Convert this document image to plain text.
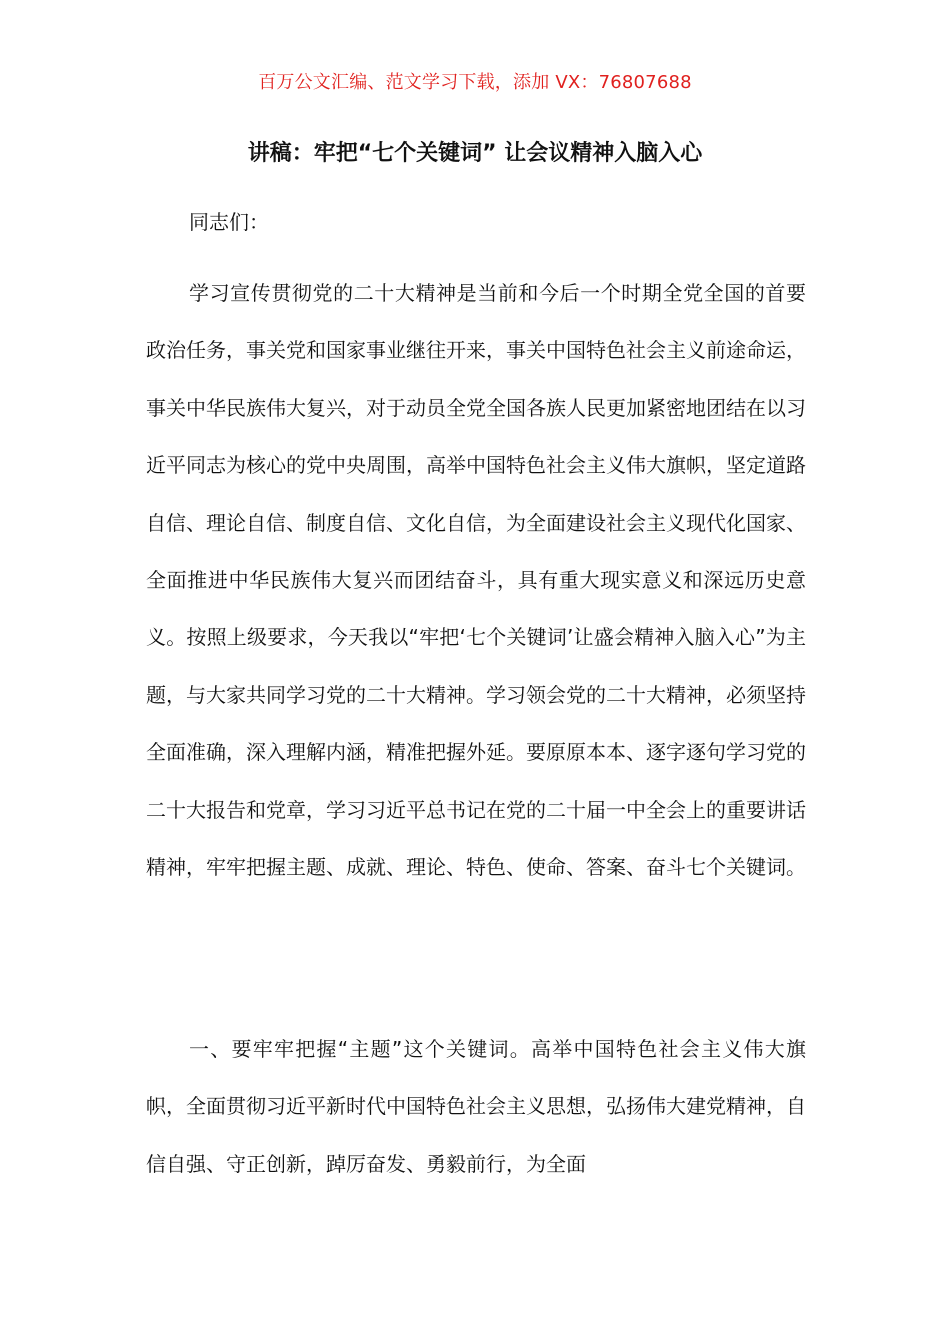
百万公文汇编、范文学习下载，添加 VX：76807688
讲稿：牢把“七个关键词” 让会议精神入脑入心
同志们：

学习宣传贯彻党的二十大精神是当前和今后一个时期全党全国的首要政治任务，事关党和国家事业继往开来，事关中国特色社会主义前途命运，事关中华民族伟大复兴，对于动员全党全国各族人民更加紧密地团结在以习近平同志为核心的党中央周围，高举中国特色社会主义伟大旗帜，坚定道路自信、理论自信、制度自信、文化自信，为全面建设社会主义现代化国家、全面推进中华民族伟大复兴而团结奋斗，具有重大现实意义和深远历史意义。按照上级要求，今天我以“牢把‘七个关键词’让盛会精神入脑入心”为主题，与大家共同学习党的二十大精神。学习领会党的二十大精神，必须坚持全面准确，深入理解内涵，精准把握外延。要原原本本、逐字逐句学习党的二十大报告和党章，学习习近平总书记在党的二十届一中全会上的重要讲话精神，牢牢把握主题、成就、理论、特色、使命、答案、奋斗七个关键词。

一、要牢牢把握“主题”这个关键词。高举中国特色社会主义伟大旗帜，全面贯彻习近平新时代中国特色社会主义思想，弘扬伟大建党精神，自信自强、守正创新，踔厉奋发、勇毅前行，为全面
